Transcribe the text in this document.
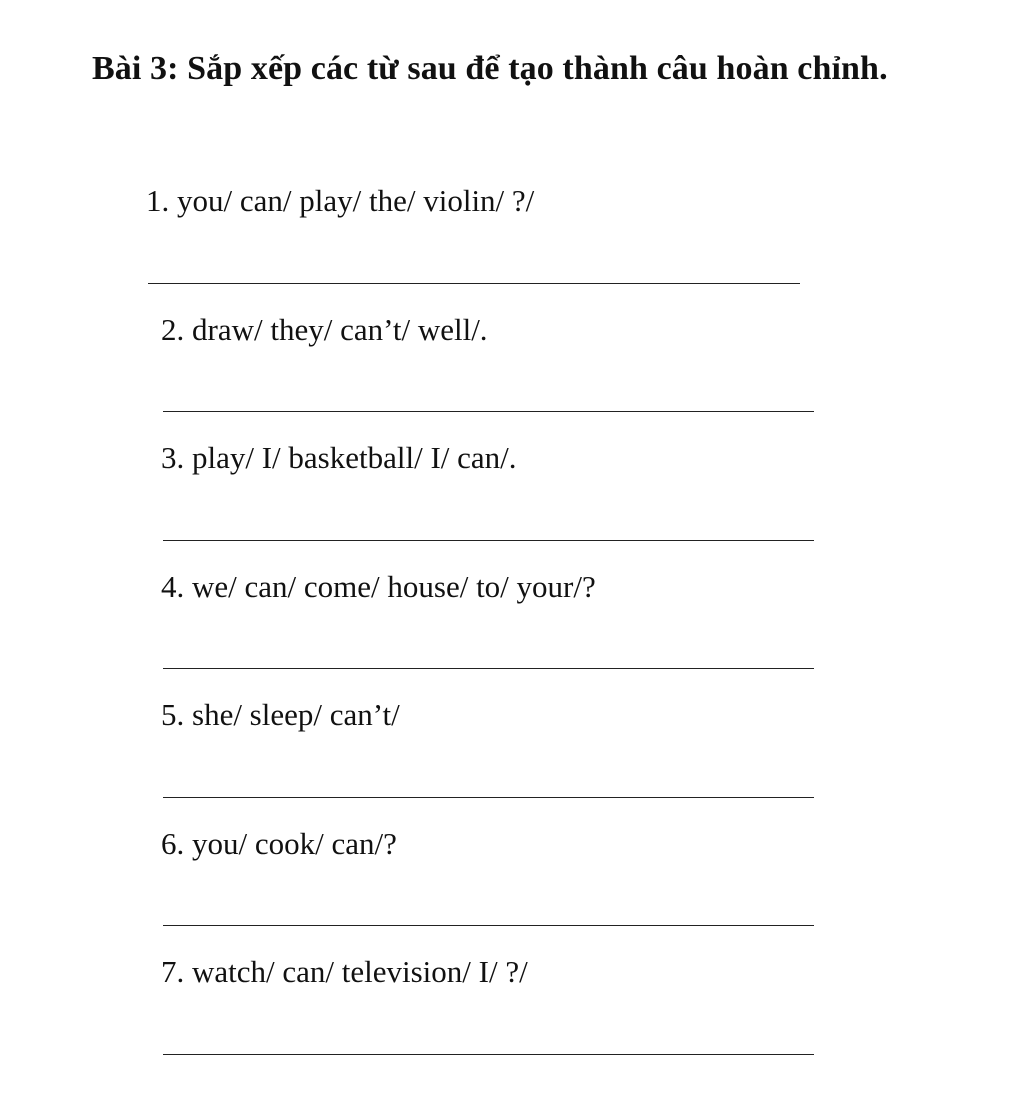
Bài 3: Sắp xếp các từ sau để tạo thành câu hoàn chỉnh.
1. you/ can/ play/ the/ violin/ ?/
2. draw/ they/ can’t/ well/.
3. play/ I/ basketball/ I/ can/.
4. we/ can/ come/ house/ to/ your/?
5. she/ sleep/ can’t/
6. you/ cook/ can/?
7. watch/ can/ television/ I/ ?/
